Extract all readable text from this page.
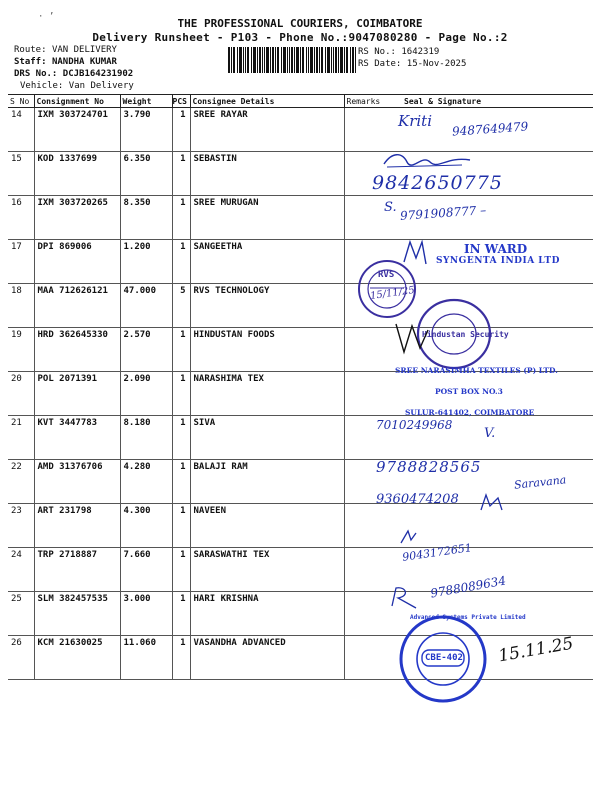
· ’	THE PROFESSIONAL COURIERS, COIMBATORE
Delivery Runsheet - P103 - Phone No.:9047080280 - Page No.:2
Route: VAN DELIVERY
Staff: NANDHA KUMAR
DRS No.: DCJB164231902
Vehicle: Van Delivery
RS No.: 1642319
RS Date: 15-Nov-2025
S No	Consignment No	Weight	PCS	Consignee Details	Remarks	Seal & Signature
14	IXM 303724701	3.790	1	SREE RAYAR		
15	KOD 1337699	6.350	1	SEBASTIN		
16	IXM 303720265	8.350	1	SREE MURUGAN		
17	DPI 869006	1.200	1	SANGEETHA		
18	MAA 712626121	47.000	5	RVS TECHNOLOGY		
19	HRD 362645330	2.570	1	HINDUSTAN FOODS		
20	POL 2071391	2.090	1	NARASHIMA TEX		
21	KVT 3447783	8.180	1	SIVA		
22	AMD 31376706	4.280	1	BALAJI RAM		
23	ART 231798	4.300	1	NAVEEN		
24	TRP 2718887	7.660	1	SARASWATHI TEX		
25	SLM 382457535	3.000	1	HARI KRISHNA		
26	KCM 21630025	11.060	1	VASANDHA ADVANCED		
Kriti 9487649479
9842650775
S. 9791908777 –
IN WARD
SYNGENTA INDIA LTD
RVS
15/11/25
Hindustan Security
SREE NARASIMHA TEXTILES (P) LTD.
POST BOX NO.3
SULUR-641402, COIMBATORE
7010249968
V.
9788828565
Saravana
9360474208
9043172651
9788089634
Advanced Systems Private Limited
CBE-402 15.11.25
